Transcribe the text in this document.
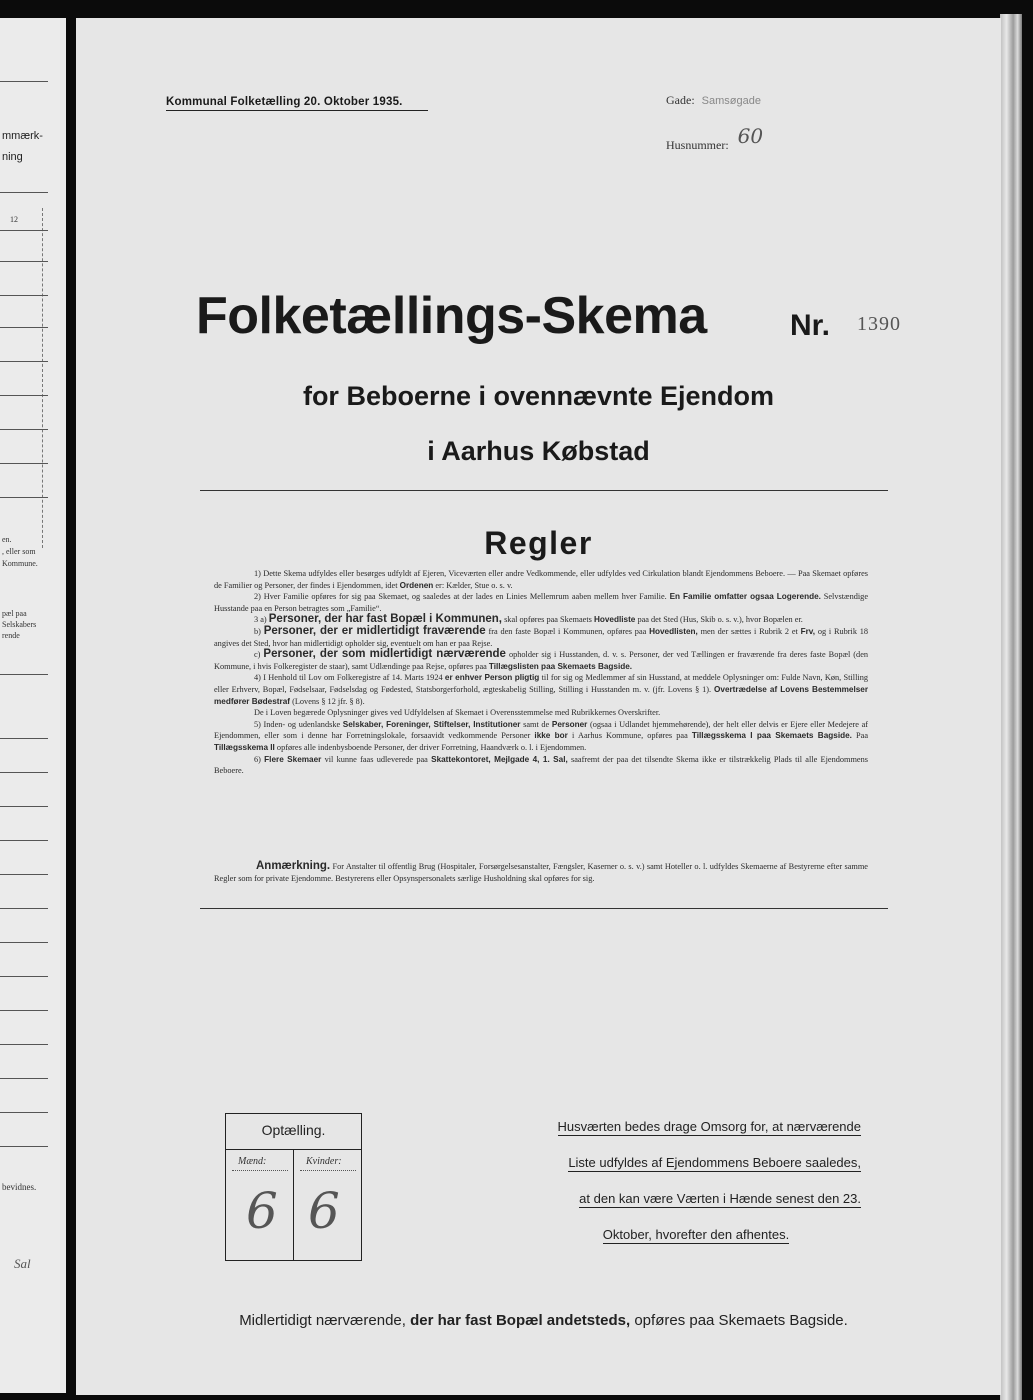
mmærk-
ning
12
en.
, eller som
Kommune.
pæl paa
Selskabers
rende
bevidnes.
Sal
Kommunal Folketælling 20. Oktober 1935.	Gade: Samsøgade
Husnummer: 60
Folketællings-Skema	Nr. 1390
for Beboerne i ovennævnte Ejendom
i Aarhus Købstad
Regler

1) Dette Skema udfyldes eller besørges udfyldt af Ejeren, Viceværten eller andre Vedkommende, eller udfyldes ved Cirkulation blandt Ejendommens Beboere. — Paa Skemaet opføres de Familier og Personer, der findes i Ejendommen, idet Ordenen er: Kælder, Stue o. s. v.

2) Hver Familie opføres for sig paa Skemaet, og saaledes at der lades en Linies Mellemrum aaben mellem hver Familie. En Familie omfatter ogsaa Logerende. Selvstændige Husstande paa en Person betragtes som „Familie“.

3 a) Personer, der har fast Bopæl i Kommunen, skal opføres paa Skemaets Hovedliste paa det Sted (Hus, Skib o. s. v.), hvor Bopælen er.

b) Personer, der er midlertidigt fraværende fra den faste Bopæl i Kommunen, opføres paa Hovedlisten, men der sættes i Rubrik 2 et Frv, og i Rubrik 18 angives det Sted, hvor han midlertidigt opholder sig, eventuelt om han er paa Rejse.

c) Personer, der som midlertidigt nærværende opholder sig i Husstanden, d. v. s. Personer, der ved Tællingen er fraværende fra deres faste Bopæl (den Kommune, i hvis Folkeregister de staar), samt Udlændinge paa Rejse, opføres paa Tillægslisten paa Skemaets Bagside.

4) I Henhold til Lov om Folkeregistre af 14. Marts 1924 er enhver Person pligtig til for sig og Medlemmer af sin Husstand, at meddele Oplysninger om: Fulde Navn, Køn, Stilling eller Erhverv, Bopæl, Fødselsaar, Fødselsdag og Fødested, Statsborgerforhold, ægteskabelig Stilling, Stilling i Husstanden m. v. (jfr. Lovens § 1). Overtrædelse af Lovens Bestemmelser medfører Bødestraf (Lovens § 12 jfr. § 8).

De i Loven begærede Oplysninger gives ved Udfyldelsen af Skemaet i Overensstemmelse med Rubrikkernes Overskrifter.

5) Inden- og udenlandske Selskaber, Foreninger, Stiftelser, Institutioner samt de Personer (ogsaa i Udlandet hjemmehørende), der helt eller delvis er Ejere eller Medejere af Ejendommen, eller som i denne har Forretningslokale, forsaavidt vedkommende Personer ikke bor i Aarhus Kommune, opføres paa Tillægsskema I paa Skemaets Bagside. Paa Tillægsskema II opføres alle indenbysboende Personer, der driver Forretning, Haandværk o. l. i Ejendommen.

6) Flere Skemaer vil kunne faas udleverede paa Skattekontoret, Mejlgade 4, 1. Sal, saafremt der paa det tilsendte Skema ikke er tilstrækkelig Plads til alle Ejendommens Beboere.

Anmærkning. For Anstalter til offentlig Brug (Hospitaler, Forsørgelsesanstalter, Fængsler, Kaserner o. s. v.) samt Hoteller o. l. udfyldes Skemaerne af Bestyrerne efter samme Regler som for private Ejendomme. Bestyrerens eller Opsynspersonalets særlige Husholdning skal opføres for sig.

Optælling.
Mænd:	Kvinder:
6 6
Husværten bedes drage Omsorg for, at nærværende
Liste udfyldes af Ejendommens Beboere saaledes,
at den kan være Værten i Hænde senest den 23.
Oktober, hvorefter den afhentes.
Midlertidigt nærværende, der har fast Bopæl andetsteds, opføres paa Skemaets Bagside.
